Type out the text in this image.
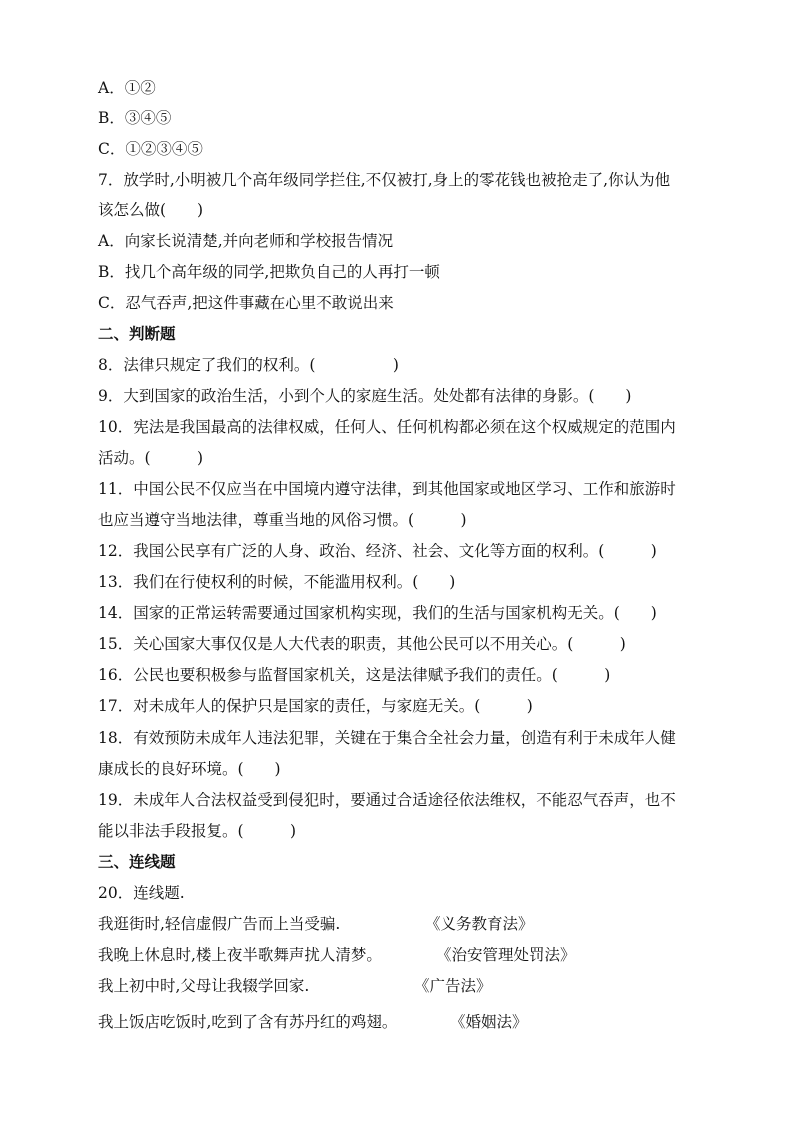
A．①②
B．③④⑤
C．①②③④⑤
7．放学时,小明被几个高年级同学拦住,不仅被打,身上的零花钱也被抢走了,你认为他
该怎么做(　　)
A．向家长说清楚,并向老师和学校报告情况
B．找几个高年级的同学,把欺负自己的人再打一顿
C．忍气吞声,把这件事藏在心里不敢说出来
二、判断题
8．法律只规定了我们的权利。(　　　　　)
9．大到国家的政治生活，小到个人的家庭生活。处处都有法律的身影。(　　)
10．宪法是我国最高的法律权威，任何人、任何机构都必须在这个权威规定的范围内
活动。(　　　)
11．中国公民不仅应当在中国境内遵守法律，到其他国家或地区学习、工作和旅游时
也应当遵守当地法律，尊重当地的风俗习惯。(　　　)
12．我国公民享有广泛的人身、政治、经济、社会、文化等方面的权利。(　　　)
13．我们在行使权利的时候，不能滥用权利。(　　)
14．国家的正常运转需要通过国家机构实现，我们的生活与国家机构无关。(　　)
15．关心国家大事仅仅是人大代表的职责，其他公民可以不用关心。(　　　)
16．公民也要积极参与监督国家机关，这是法律赋予我们的责任。(　　　)
17．对未成年人的保护只是国家的责任，与家庭无关。(　　　)
18．有效预防未成年人违法犯罪，关键在于集合全社会力量，创造有利于未成年人健
康成长的良好环境。(　　)
19．未成年人合法权益受到侵犯时，要通过合适途径依法维权，不能忍气吞声，也不
能以非法手段报复。(　　　)
三、连线题
20．连线题.
我逛街时,轻信虚假广告而上当受骗.	《义务教育法》
我晚上休息时,楼上夜半歌舞声扰人清梦。	《治安管理处罚法》
我上初中时,父母让我辍学回家.	《广告法》
我上饭店吃饭时,吃到了含有苏丹红的鸡翅。	《婚姻法》
